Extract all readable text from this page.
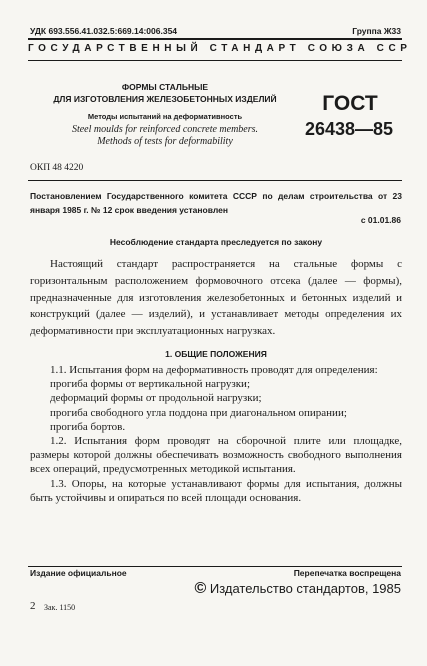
УДК 693.556.41.032.5:669.14:006.354	Группа Ж33
ГОСУДАРСТВЕННЫЙ СТАНДАРТ СОЮЗА ССР
ФОРМЫ СТАЛЬНЫЕ
ДЛЯ ИЗГОТОВЛЕНИЯ ЖЕЛЕЗОБЕТОННЫХ ИЗДЕЛИЙ
Методы испытаний на деформативность
Steel moulds for reinforced concrete members.
Methods of tests for deformability
ГОСТ
26438—85
ОКП 48 4220
Постановлением Государственного комитета СССР по делам строительства от 23 января 1985 г. № 12 срок введения установлен
с 01.01.86
Несоблюдение стандарта преследуется по закону

Настоящий стандарт распространяется на стальные формы с горизонтальным расположением формовочного отсека (далее — формы), предназначенные для изготовления железобетонных и бетонных изделий и конструкций (далее — изделий), и устанавливает методы определения их деформативности при эксплуатационных нагрузках.

1. ОБЩИЕ ПОЛОЖЕНИЯ

1.1. Испытания форм на деформативность проводят для определения:

прогиба формы от вертикальной нагрузки;

деформаций формы от продольной нагрузки;

прогиба свободного угла поддона при диагональном опирании;

прогиба бортов.

1.2. Испытания форм проводят на сборочной плите или площадке, размеры которой должны обеспечивать возможность свободного выполнения всех операций, предусмотренных методикой испытания.

1.3. Опоры, на которые устанавливают формы для испытания, должны быть устойчивы и опираться по всей площади основания.

Издание официальное	Перепечатка воспрещена
© Издательство стандартов, 1985
2 Зак. 1150
